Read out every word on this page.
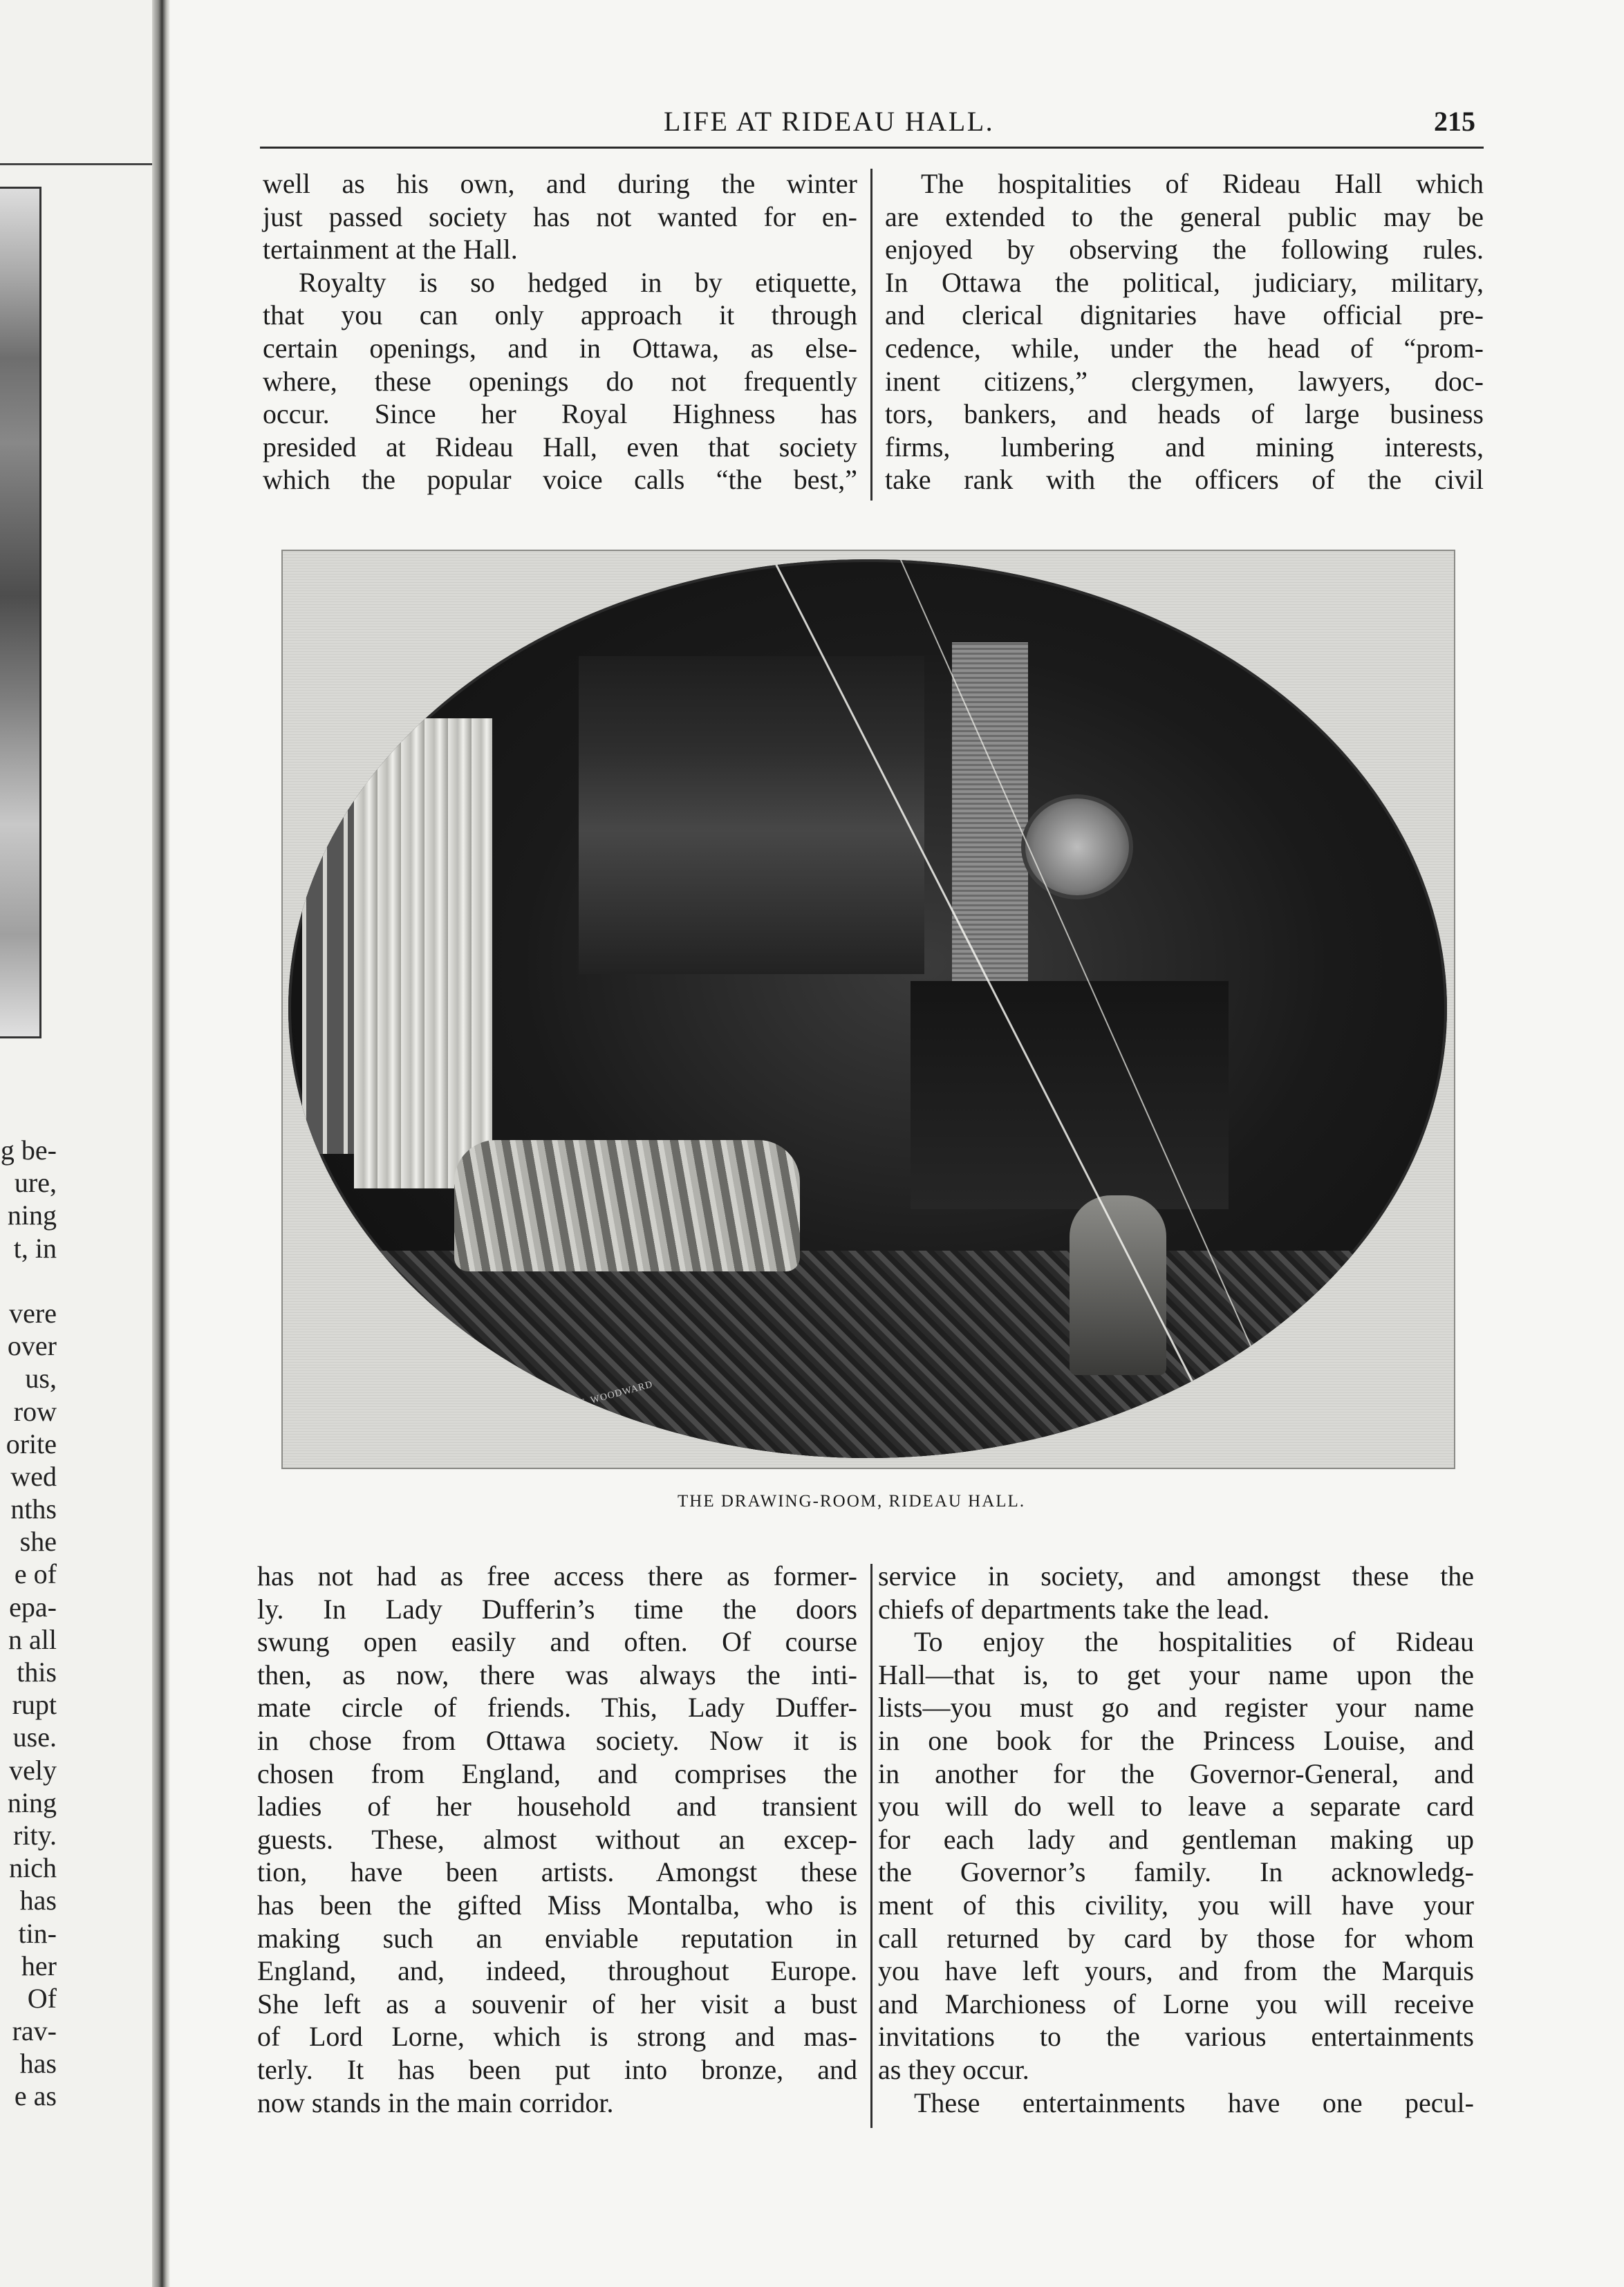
g be-
ure,
ning
t, in
vere
over
us,
row
orite
wed
nths
she
e of
epa-
n all
this
rupt
use.
vely
ning
rity.
nich
has
tin-
her
Of
rav-
has
e as
LIFE AT RIDEAU HALL.	215
well as his own, and during the winter
just passed society has not wanted for en-
tertainment at the Hall.
Royalty is so hedged in by etiquette,
that you can only approach it through
certain openings, and in Ottawa, as else-
where, these openings do not frequently
occur. Since her Royal Highness has
presided at Rideau Hall, even that society
which the popular voice calls “the best,”
The hospitalities of Rideau Hall which
are extended to the general public may be
enjoyed by observing the following rules.
In Ottawa the political, judiciary, military,
and clerical dignitaries have official pre-
cedence, while, under the head of “prom-
inent citizens,” clergymen, lawyers, doc-
tors, bankers, and heads of large business
firms, lumbering and mining interests,
take rank with the officers of the civil
F. WOODWARD
THE DRAWING-ROOM, RIDEAU HALL.
has not had as free access there as former-
ly. In Lady Dufferin’s time the doors
swung open easily and often. Of course
then, as now, there was always the inti-
mate circle of friends. This, Lady Duffer-
in chose from Ottawa society. Now it is
chosen from England, and comprises the
ladies of her household and transient
guests. These, almost without an excep-
tion, have been artists. Amongst these
has been the gifted Miss Montalba, who is
making such an enviable reputation in
England, and, indeed, throughout Europe.
She left as a souvenir of her visit a bust
of Lord Lorne, which is strong and mas-
terly. It has been put into bronze, and
now stands in the main corridor.
service in society, and amongst these the
chiefs of departments take the lead.
To enjoy the hospitalities of Rideau
Hall—that is, to get your name upon the
lists—you must go and register your name
in one book for the Princess Louise, and
in another for the Governor-General, and
you will do well to leave a separate card
for each lady and gentleman making up
the Governor’s family. In acknowledg-
ment of this civility, you will have your
call returned by card by those for whom
you have left yours, and from the Marquis
and Marchioness of Lorne you will receive
invitations to the various entertainments
as they occur.
These entertainments have one pecul-
